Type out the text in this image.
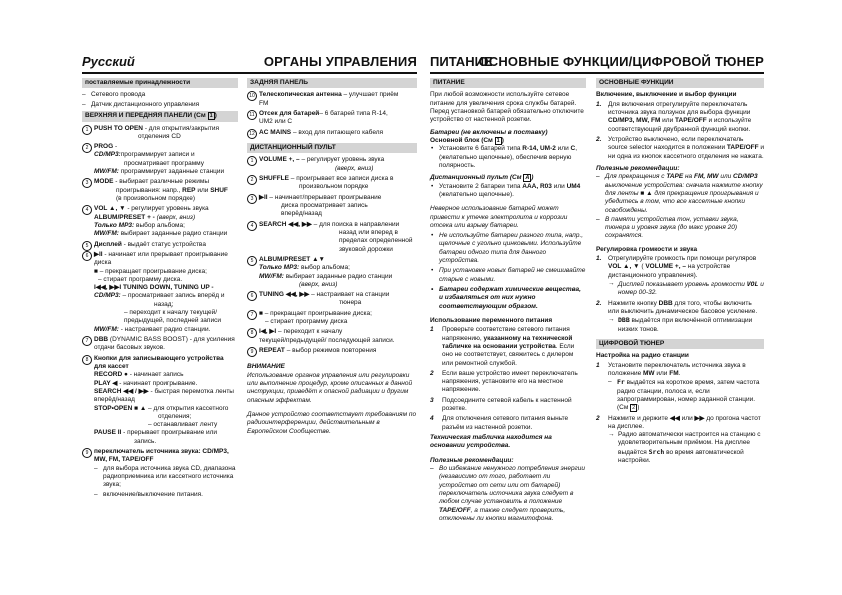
Русский	ОРГАНЫ УПРАВЛЕНИЯ ПИТАНИЕ
ОСНОВНЫЕ ФУНКЦИИ/ЦИФРОВОЙ ТЮНЕР
поставляемые принадлежности
– Сетевого провода
– Датчик дистанционного управления
ВЕРХНЯЯ И ПЕРЕДНЯЯ ПАНЕЛИ (См 1 )
1 PUSH TO OPEN - для открытия/закрытия
отделения CD
2 PROG -
CD/MP3:программирует записи и
просматривает программу
MW/FM: программирует заданныe станции
3 MODE - выбирает различные режимы
проигрывания: напр., REP или SHUF
(в произвольном порядке)
4 VOL ▲, ▼ - регулирует уровень звука
ALBUM/PRESET + - (вверх, вниз)
Только MP3: выбор альбома;
MW/FM: выбирает заданные радио станции
5 Дисплей - выдаёт статус устройства
6 ▶II - начинает или прерывает проигрывание
диска
■ – прекращает проигрывание диска;
– стирает программу диска.
I◀◀, ▶▶I TUNING DOWN, TUNING UP -
CD/MP3: – просматривает запись вперёд и
назад;
– переходит к началу текущей/
предыдущей, последней записи
MW/FM: - настраивает радио станции.
7 DBB (DYNAMIC BASS BOOST) - для усиления
отдачи басовых звуков.
8 Кнопки для записывающего устройства
для кассет
RECORD ● - начинает запись
PLAY ◀ - начинает проигрывание.
SEARCH ◀◀ / ▶▶ - быстрая перемотка ленты
вперёд/назад
STOP•OPEN ■ ▲ – для открытия кассетного
отделения;
– останавливает ленту
PAUSE II - прерывает проигрывание или
запись.
9 переключатель источника звука: CD/MP3,
MW, FM, TAPE/OFF
– для выбора источника звука CD, диапазона
радиоприемника или кассетного источника
звука;
– включение/выключение питания.
ЗАДНЯЯ ПАНЕЛЬ
10 Телескопическая антенна – улучшает приём
FM
11 Отсек для батарей– 6 батарей типа R-14,
UM2 или С
12 AC MAINS – вход для питающего кабеля
ДИСТАНЦИОННЫЙ ПУЛЬТ
1 VOLUME +, – – регулирует уровень звука
(вверх, вниз)
2 SHUFFLE – проигрывает все записи диска в
произвольном порядке
3 ▶II – начинает/прерывает проигрывание
диска просматривает запись
вперёд/назад
4 SEARCH ◀◀, ▶▶ – для поиска в направлении
назад или вперед в
пределах определенной
звуковой дорожки
5 ALBUM/PRESET ▲▼
Только MP3: выбор альбома;
MW/FM: выбирает заданные радио станции
(вверх, вниз)
6 TUNING ◀◀, ▶▶ – настраивает на станции
тюнера
7 ■ – прекращает проигрывание диска;
– стирает программу диска
8 I◀, ▶I – переходит к началу
текущей/предыдущей/ последующей записи.
9 REPEAT – выбор режимов повторения
ВНИМАНИЕ

Использование органов управления или регулировки или выполнение процедур, кроме описанных в данной инструкции, приведёт к опасной радиации и другим опасным эффектам.

Данное устройство соответствует требованиям по радиоинтерференции, действительным в Европейском Сообществе.

ПИТАНИЕ

При любой возможности используйте сетевое питание для увеличения срока службы батарей. Перед установкой батарей обязательно отключите устройство от настенной розетки.

Батареи (не включены в поставку)
Основной блок (См 1 )
• Установите 6 батарей типа R-14, UM-2 или C, (желательно щелочные), обеспечив верную полярность.
Дистанционный пульт (См A )
• Установите 2 батареи типа AAA, R03 или UM4 (желательно щелочные).

Неверное использование батарей может привести к утечке электролита и коррозии отсека или взрыву батареи.

• Не используйте батареи разного типа, напр., щелочные с угольно цинковыми. Используйте батареи одного типа для данного устройства.
• При установке новых батарей не смешивайте старые с новыми.
• Батареи содержат химические вещества, и избавляться от них нужно соответствующим образом.
Использование переменного питания
1 Проверьте соответствие сетевого питания напряжению, указанному на технической табличке на основании устройства. Если оно не соответствует, свяжитесь с дилером или ремонтной службой.
2 Если ваше устройство имеет переключатель напряжения, установите его на местное напряжение.
3 Подсоедините сетевой кабель к настенной розетке.
4 Для отключения сетевого питания выньте разъём из настенной розетки.

Техническая табличка находится на основании устройства.

Полезные рекомендации:
– Во избежание ненужного потребления энергии (независимо от того, работает ли устройство от сети или от батарей) переключатель источника звука следует в любом случае установить в положение TAPE/OFF, а также следует проверить, отключены ли кнопки магнитофона.
ОСНОВНЫЕ ФУНКЦИИ
Включение, выключение и выбор функции
1. Для включения отрегулируйте переключатель источника звука ползунок для выбора функции CD/MP3, MW, FM или TAPE/OFF и используйте соответствующий двубранной функций кнопки.
2. Устройство выключено, если переключатель source selector находится в положении TAPE/OFF и ни одна из кнопок кассетного отделения не нажата.
Полезные рекомендации:
– Для прекращения с TAPE на FM, MW или CD/MP3 выключение устройства: сначала нажмите кнопку для ленты ■ ▲ для прекращения проигрывания и убедитесь в том, что все кассетные кнопки освобождены.
– В памяти устройства тон, уставки звука, тюнера и уровня звука (до макс уровня 20) сохранятся.
Регулировка громкости и звука
1. Отрегулируйте громкость при помощи регуляров VOL ▲, ▼ ( VOLUME +, – на устройстве дистанционного управления).
→ Дисплей показывает уровень громкости VOL и номер 00-32.
2. Нажмите кнопку DBB для того, чтобы включить или выключить динамическое басовое усиление.
→ DBB выдаётся при включённой оптимизации низких тонов.
ЦИФРОВОЙ ТЮНЕР
Настройка на радио станции
1 Установите переключатель источника звука в положение MW или FM.
– Fr выдаётся на короткое время, затем частота радио станции, полоса и, если запрограммирован, номер заданной станции. (См 2 )
2 Нажмите и держите ◀◀ или ▶▶ до прогона частот на дисплее.
→ Радио автоматически настроится на станцию с удовлетворительным приёмом. На дисплее выдаётся Srch во время автоматической настройки.
